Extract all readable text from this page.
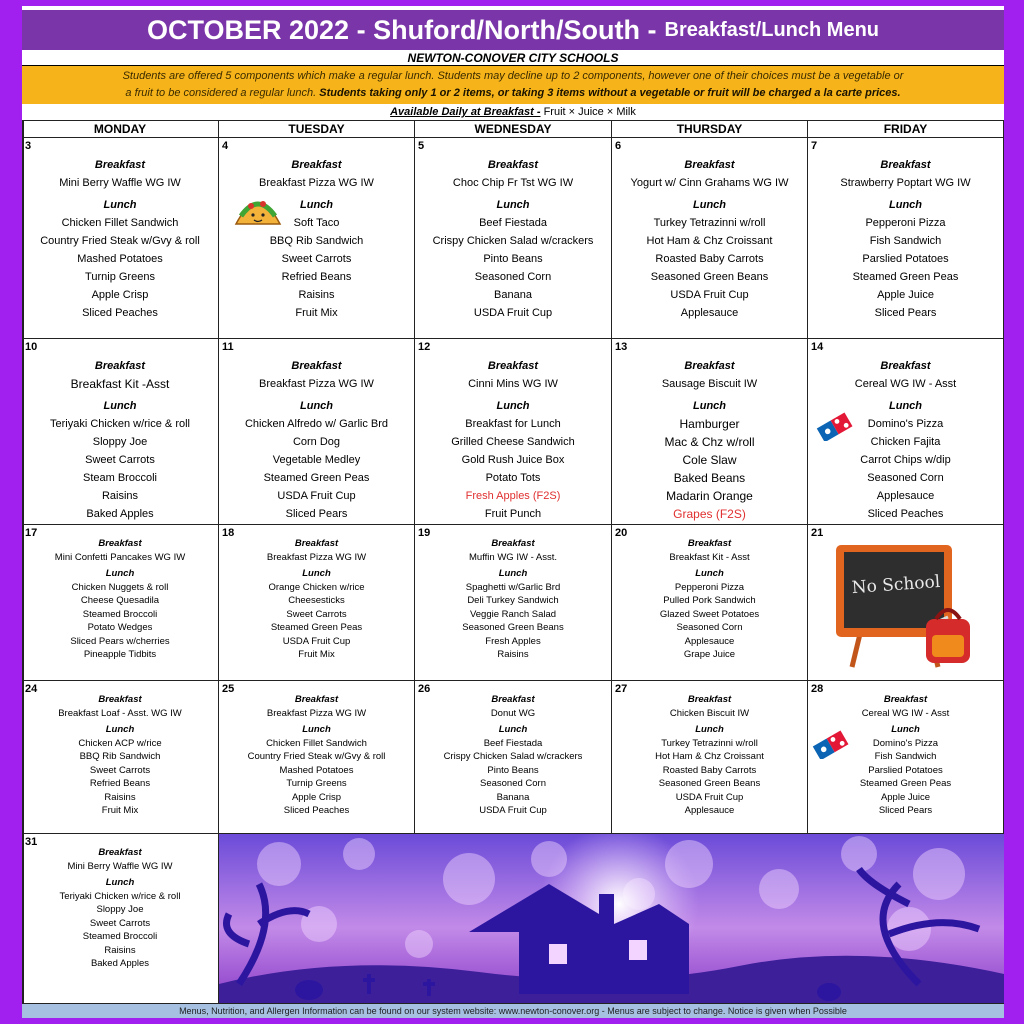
OCTOBER 2022 - Shuford/North/South - Breakfast/Lunch Menu
NEWTON-CONOVER CITY SCHOOLS
Students are offered 5 components which make a regular lunch. Students may decline up to 2 components, however one of their choices must be a vegetable or
a fruit to be considered a regular lunch. Students taking only 1 or 2 items, or taking 3 items without a vegetable or fruit will be charged a la carte prices.
Available Daily at Breakfast - Fruit × Juice × Milk
MONDAY	TUESDAY	WEDNESDAY	THURSDAY	FRIDAY
3
Breakfast
Mini Berry Waffle WG IW
Lunch
Chicken Fillet Sandwich
Country Fried Steak w/Gvy & roll
Mashed Potatoes
Turnip Greens
Apple Crisp
Sliced Peaches
4
Breakfast
Breakfast Pizza WG IW
Lunch
Soft Taco
BBQ Rib Sandwich
Sweet Carrots
Refried Beans
Raisins
Fruit Mix
5
Breakfast
Choc Chip Fr Tst WG IW
Lunch
Beef Fiestada
Crispy Chicken Salad w/crackers
Pinto Beans
Seasoned Corn
Banana
USDA Fruit Cup
6
Breakfast
Yogurt w/ Cinn Grahams WG IW
Lunch
Turkey Tetrazinni w/roll
Hot Ham & Chz Croissant
Roasted Baby Carrots
Seasoned Green Beans
USDA Fruit Cup
Applesauce
7
Breakfast
Strawberry Poptart WG IW
Lunch
Pepperoni Pizza
Fish Sandwich
Parslied Potatoes
Steamed Green Peas
Apple Juice
Sliced Pears
10
Breakfast
Breakfast Kit -Asst
Lunch
Teriyaki Chicken w/rice & roll
Sloppy Joe
Sweet Carrots
Steam Broccoli
Raisins
Baked Apples
11
Breakfast
Breakfast Pizza WG IW
Lunch
Chicken Alfredo w/ Garlic Brd
Corn Dog
Vegetable Medley
Steamed Green Peas
USDA Fruit Cup
Sliced Pears
12
Breakfast
Cinni Mins WG IW
Lunch
Breakfast for Lunch
Grilled Cheese Sandwich
Gold Rush Juice Box
Potato Tots
Fresh Apples (F2S)
Fruit Punch
13
Breakfast
Sausage Biscuit IW
Lunch
Hamburger
Mac & Chz w/roll
Cole Slaw
Baked Beans
Madarin Orange
Grapes (F2S)
14
Breakfast
Cereal WG IW - Asst
Lunch
Domino's Pizza
Chicken Fajita
Carrot Chips w/dip
Seasoned Corn
Applesauce
Sliced Peaches
17
Breakfast
Mini Confetti Pancakes WG IW
Lunch
Chicken Nuggets & roll
Cheese Quesadila
Steamed Broccoli
Potato Wedges
Sliced Pears w/cherries
Pineapple Tidbits
18
Breakfast
Breakfast Pizza WG IW
Lunch
Orange Chicken w/rice
Cheesesticks
Sweet Carrots
Steamed Green Peas
USDA Fruit Cup
Fruit Mix
19
Breakfast
Muffin WG IW - Asst.
Lunch
Spaghetti w/Garlic Brd
Deli Turkey Sandwich
Veggie Ranch Salad
Seasoned Green Beans
Fresh Apples
Raisins
20
Breakfast
Breakfast Kit - Asst
Lunch
Pepperoni Pizza
Pulled Pork Sandwich
Glazed Sweet Potatoes
Seasoned Corn
Applesauce
Grape Juice
21
No School
24
Breakfast
Breakfast Loaf - Asst. WG IW
Lunch
Chicken ACP w/rice
BBQ Rib Sandwich
Sweet Carrots
Refried Beans
Raisins
Fruit Mix
25
Breakfast
Breakfast Pizza WG IW
Lunch
Chicken Fillet Sandwich
Country Fried Steak w/Gvy & roll
Mashed Potatoes
Turnip Greens
Apple Crisp
Sliced Peaches
26
Breakfast
Donut WG
Lunch
Beef Fiestada
Crispy Chicken Salad w/crackers
Pinto Beans
Seasoned Corn
Banana
USDA Fruit Cup
27
Breakfast
Chicken Biscuit IW
Lunch
Turkey Tetrazinni w/roll
Hot Ham & Chz Croissant
Roasted Baby Carrots
Seasoned Green Beans
USDA Fruit Cup
Applesauce
28
Breakfast
Cereal WG IW - Asst
Lunch
Domino's Pizza
Fish Sandwich
Parslied Potatoes
Steamed Green Peas
Apple Juice
Sliced Pears
31
Breakfast
Mini Berry Waffle WG IW
Lunch
Teriyaki Chicken w/rice & roll
Sloppy Joe
Sweet Carrots
Steamed Broccoli
Raisins
Baked Apples
Menus, Nutrition, and Allergen Information can be found on our system website: www.newton-conover.org - Menus are subject to change. Notice is given when Possible
